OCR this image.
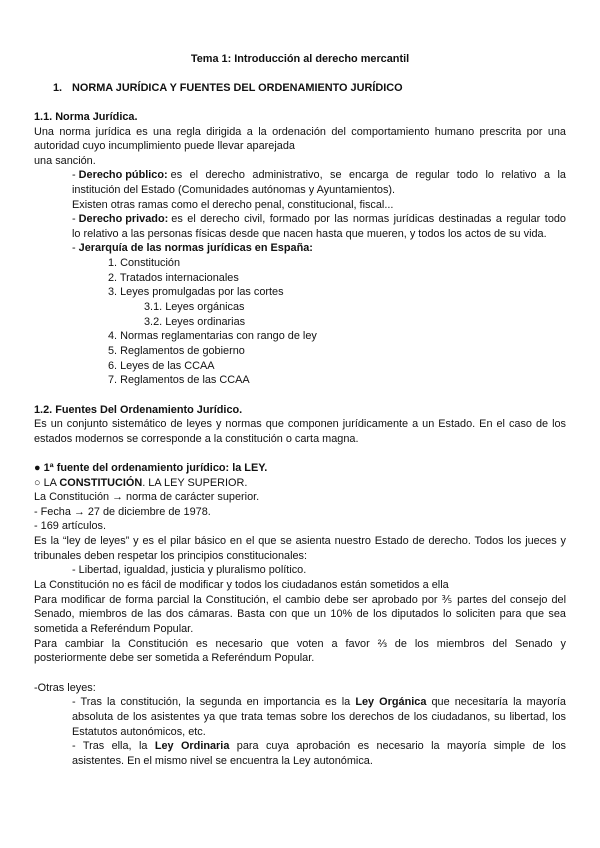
Tema 1: Introducción al derecho mercantil
1. NORMA JURÍDICA Y FUENTES DEL ORDENAMIENTO JURÍDICO
1.1. Norma Jurídica.
Una norma jurídica es una regla dirigida a la ordenación del comportamiento humano prescrita por una
autoridad cuyo incumplimiento puede llevar aparejada
una sanción.
- Derecho público:
es el derecho administrativo, se encarga de regular todo lo relativo a la
institución del Estado (Comunidades autónomas y Ayuntamientos).
Existen otras ramas como el derecho penal, constitucional, fiscal...
- Derecho privado:
es el derecho civil, formado por las normas jurídicas destinadas a regular todo
lo relativo a las personas físicas desde que nacen hasta que mueren, y todos los actos de su vida.
- Jerarquía de las normas jurídicas en España:
1. Constitución
2. Tratados internacionales
3. Leyes promulgadas por las cortes
3.1. Leyes orgánicas
3.2. Leyes ordinarias
4. Normas reglamentarias con rango de ley
5. Reglamentos de gobierno
6. Leyes de las CCAA
7. Reglamentos de las CCAA
1.2. Fuentes Del Ordenamiento Jurídico.
Es un conjunto sistemático de leyes y normas que componen jurídicamente a un Estado. En el caso de los
estados modernos se corresponde a la constitución o carta magna.
● 1ª fuente del ordenamiento jurídico: la LEY.
○ LA CONSTITUCIÓN. LA LEY SUPERIOR.
La Constitución → norma de carácter superior.
- Fecha → 27 de diciembre de 1978.
- 169 artículos.
Es la “ley de leyes” y es el pilar básico en el que se asienta nuestro Estado de derecho. Todos los jueces y
tribunales deben respetar los principios constitucionales:
- Libertad, igualdad, justicia y pluralismo político.
La Constitución no es fácil de modificar y todos los ciudadanos están sometidos a ella
Para modificar de forma parcial la Constitución, el cambio debe ser aprobado por ⅗ partes del consejo del
Senado, miembros de las dos cámaras. Basta con que un 10% de los diputados lo soliciten para que sea
sometida a Referéndum Popular.
Para cambiar la Constitución es necesario que voten a favor ⅔ de los miembros del Senado y
posteriormente debe ser sometida a Referéndum Popular.
-Otras leyes:
- Tras la constitución, la segunda en importancia es la Ley Orgánica que necesitaría la mayoría
absoluta de los asistentes ya que trata temas sobre los derechos de los ciudadanos, su libertad, los
Estatutos autonómicos, etc.
- Tras ella, la Ley Ordinaria para cuya aprobación es necesario la mayoría simple de los
asistentes. En el mismo nivel se encuentra la Ley autonómica.
